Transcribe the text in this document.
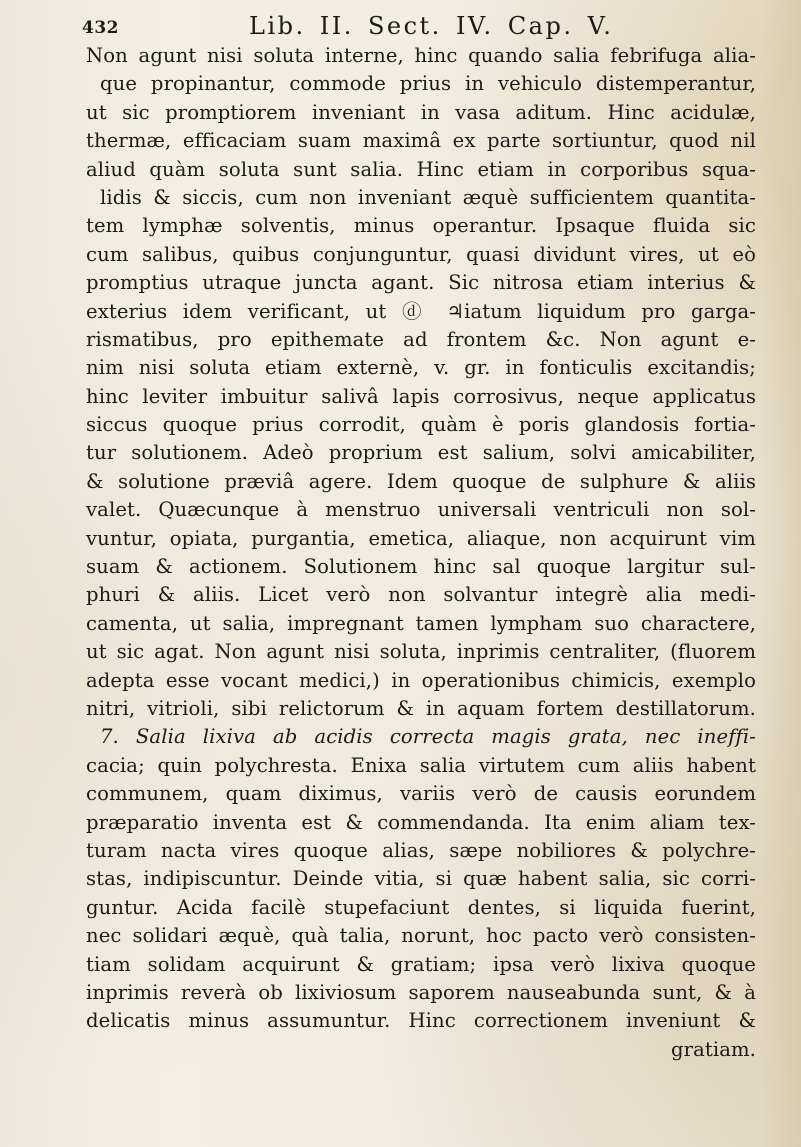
432	Lib. II. Sect. IV. Cap. V.
Non agunt nisi soluta interne, hinc quando salia febrifuga alia-
que propinantur, commode prius in vehiculo distemperantur,
ut sic promptiorem inveniant in vasa aditum. Hinc acidulæ,
thermæ, efficaciam suam maximâ ex parte sortiuntur, quod nil
aliud quàm soluta sunt salia. Hinc etiam in corporibus squa-
lidis & siccis, cum non inveniant æquè sufficientem quantita-
tem lymphæ solventis, minus operantur. Ipsaque fluida sic
cum salibus, quibus conjunguntur, quasi dividunt vires, ut eò
promptius utraque juncta agant. Sic nitrosa etiam interius &
exterius idem verificant, ut ⓓ ♃iatum liquidum pro garga-
rismatibus, pro epithemate ad frontem &c. Non agunt e-
nim nisi soluta etiam externè, v. gr. in fonticulis excitandis;
hinc leviter imbuitur salivâ lapis corrosivus, neque applicatus
siccus quoque prius corrodit, quàm è poris glandosis fortia-
tur solutionem. Adeò proprium est salium, solvi amicabiliter,
& solutione præviâ agere. Idem quoque de sulphure & aliis
valet. Quæcunque à menstruo universali ventriculi non sol-
vuntur, opiata, purgantia, emetica, aliaque, non acquirunt vim
suam & actionem. Solutionem hinc sal quoque largitur sul-
phuri & aliis. Licet verò non solvantur integrè alia medi-
camenta, ut salia, impregnant tamen lympham suo charactere,
ut sic agat. Non agunt nisi soluta, inprimis centraliter, (fluorem
adepta esse vocant medici,) in operationibus chimicis, exemplo
nitri, vitrioli, sibi relictorum & in aquam fortem destillatorum.
7. Salia lixiva ab acidis correcta magis grata, nec ineffi-
cacia; quin polychresta. Enixa salia virtutem cum aliis habent
communem, quam diximus, variis verò de causis eorundem
præparatio inventa est & commendanda. Ita enim aliam tex-
turam nacta vires quoque alias, sæpe nobiliores & polychre-
stas, indipiscuntur. Deinde vitia, si quæ habent salia, sic corri-
guntur. Acida facilè stupefaciunt dentes, si liquida fuerint,
nec solidari æquè, quà talia, norunt, hoc pacto verò consisten-
tiam solidam acquirunt & gratiam; ipsa verò lixiva quoque
inprimis reverà ob lixiviosum saporem nauseabunda sunt, & à
delicatis minus assumuntur. Hinc correctionem inveniunt &
gratiam.
